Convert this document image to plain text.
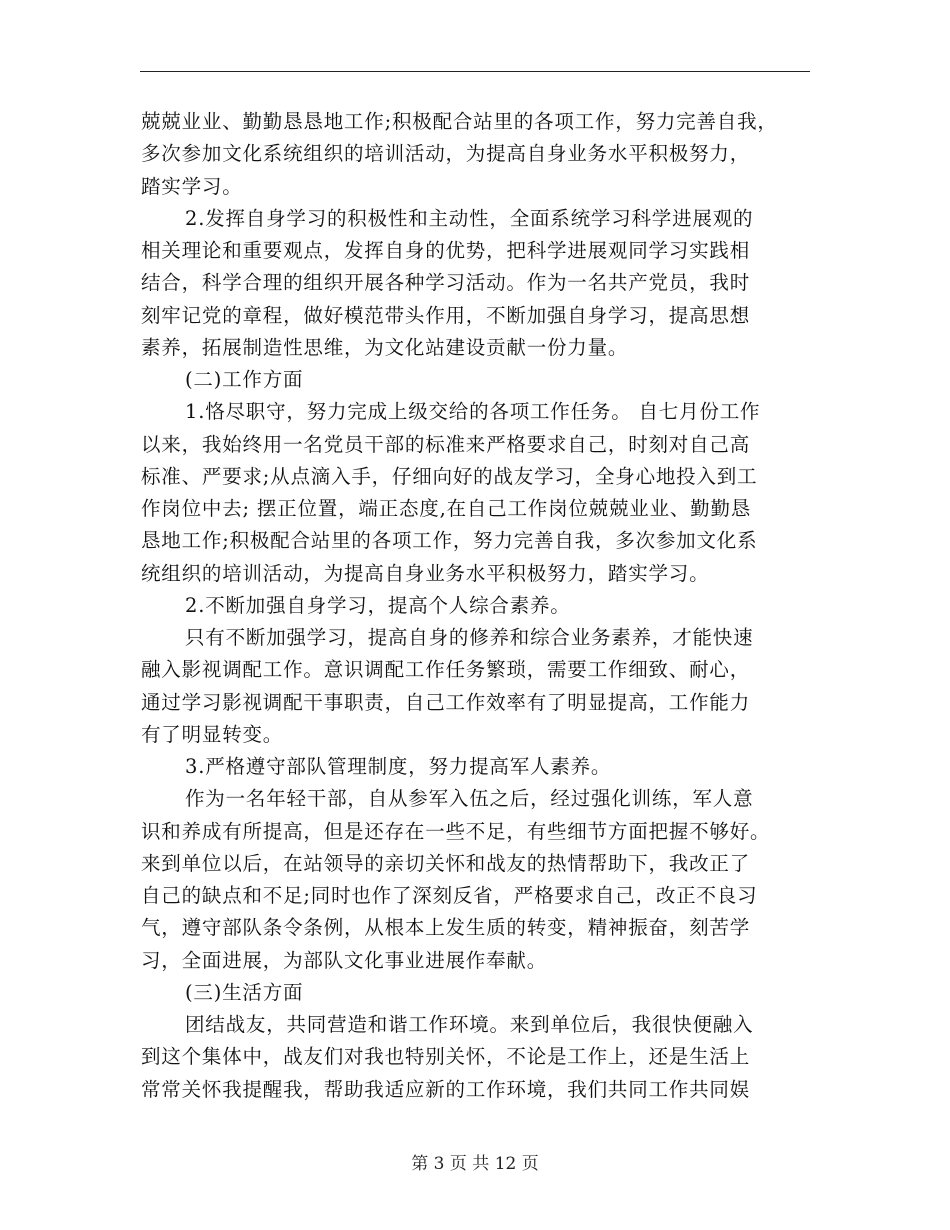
兢兢业业、勤勤恳恳地工作;积极配合站里的各项工作，努力完善自我，
多次参加文化系统组织的培训活动，为提高自身业务水平积极努力，
踏实学习。
2.发挥自身学习的积极性和主动性，全面系统学习科学进展观的
相关理论和重要观点，发挥自身的优势，把科学进展观同学习实践相
结合，科学合理的组织开展各种学习活动。作为一名共产党员，我时
刻牢记党的章程，做好模范带头作用，不断加强自身学习，提高思想
素养，拓展制造性思维，为文化站建设贡献一份力量。
(二)工作方面
1.恪尽职守，努力完成上级交给的各项工作任务。 自七月份工作
以来，我始终用一名党员干部的标准来严格要求自己，时刻对自己高
标准、严要求;从点滴入手，仔细向好的战友学习，全身心地投入到工
作岗位中去; 摆正位置，端正态度,在自己工作岗位兢兢业业、勤勤恳
恳地工作;积极配合站里的各项工作，努力完善自我，多次参加文化系
统组织的培训活动，为提高自身业务水平积极努力，踏实学习。
2.不断加强自身学习，提高个人综合素养。
只有不断加强学习，提高自身的修养和综合业务素养，才能快速
融入影视调配工作。意识调配工作任务繁琐，需要工作细致、耐心，
通过学习影视调配干事职责，自己工作效率有了明显提高，工作能力
有了明显转变。
3.严格遵守部队管理制度，努力提高军人素养。
作为一名年轻干部，自从参军入伍之后，经过强化训练，军人意
识和养成有所提高，但是还存在一些不足，有些细节方面把握不够好。
来到单位以后，在站领导的亲切关怀和战友的热情帮助下，我改正了
自己的缺点和不足;同时也作了深刻反省，严格要求自己，改正不良习
气，遵守部队条令条例，从根本上发生质的转变，精神振奋，刻苦学
习，全面进展，为部队文化事业进展作奉献。
(三)生活方面
团结战友，共同营造和谐工作环境。来到单位后，我很快便融入
到这个集体中，战友们对我也特别关怀，不论是工作上，还是生活上
常常关怀我提醒我，帮助我适应新的工作环境，我们共同工作共同娱
第 3 页 共 12 页
